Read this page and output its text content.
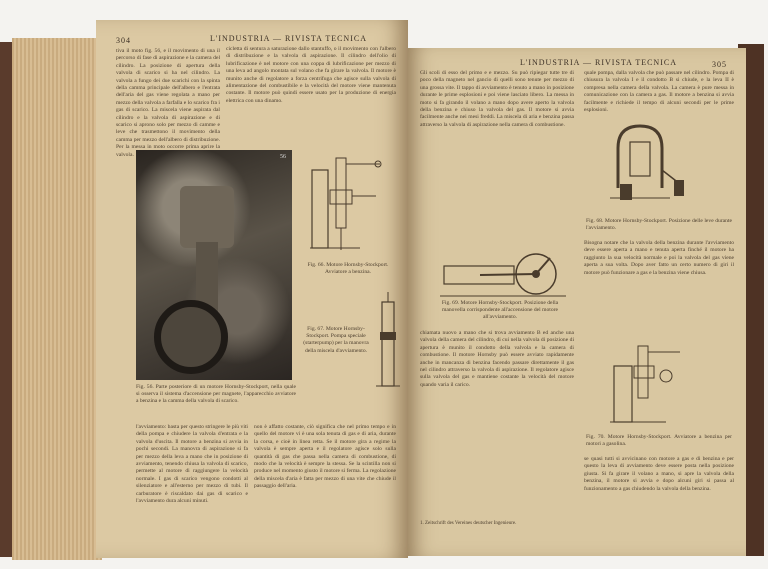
304	L'INDUSTRIA — RIVISTA TECNICA

tiva il moto fig. 56, e il movimento di una il percorso di fase di aspirazione e la camera del cilindro. La posizione di apertura della valvola di scarico si ha nel cilindro. La valvola a fungo dei due scarichi con la spinta della camma principale dell'albero e l'entrata dell'aria del gas viene regolata a mano per mezzo della valvola a farfalla e lo scarico fra i gas di scarico. La miscela viene aspirata dal cilindro e la valvola di aspirazione e di scarico si aprono solo per mezzo di camme e leve che trasmettono il movimento della camma per mezzo dell'albero di distribuzione. Per la messa in moto occorre prima aprire la valvola.

cicletta di sentura a saturazione dallo stantuffo, o il movimento con l'albero di distribuzione e la valvola di aspirazione. Il cilindro dell'olio di lubrificazione è nel motore con una coppa di lubrificazione per mezzo di una leva ad angolo montata sul volano che fa girare la valvola. Il motore è munito anche di regolatore a forza centrifuga che agisce sulla valvola di alimentazione del combustibile e la velocità del motore viene mantenuta costante. Il motore può quindi essere usato per la produzione di energia elettrica con una dinamo.

56
Fig. 56. Parte posteriore di un motore Hornsby-Stockport, nella quale si osserva il sistema d'accensione per magnete, l'apparecchio avviatore a benzina e la camma della valvola di scarico.
Fig. 66. Motore Hornsby-Stockport. Avviatore a benzina.
Fig. 67. Motore Hornsby-Stockport. Pompa speciale (starterpump) per la manovra della miscela d'avviamento.

l'avviamento: basta per questo stringere le più viti della pompa e chiudere la valvola d'entrata e la valvola d'uscita. Il motore a benzina si avvia in pochi secondi. La manovra di aspirazione si fa per mezzo della leva a mano che in posizione di avviamento, tenendo chiusa la valvola di scarico, permette al motore di raggiungere la velocità normale. I gas di scarico vengono condotti al silenziatore e all'esterno per mezzo di tubi. Il carburatore è riscaldato dai gas di scarico e l'avviamento dura alcuni minuti.

non è affatto costante, ciò significa che nel primo tempo e in quello del motore vi è una sola tenuta di gas e di aria, durante la corsa, e cioè in linea retta. Se il motore gira a regime la valvola è sempre aperta e il regolatore agisce solo sulla quantità di gas che passa nella camera di combustione, di modo che la velocità è sempre la stessa. Se la scintilla non si produce nel momento giusto il motore si ferma. La regolazione della miscela d'aria è fatta per mezzo di una vite che chiude il passaggio dell'aria.

L'INDUSTRIA — RIVISTA TECNICA	305

Gli scoli di esso del primo e e mezzo. Su può ripiegar tutte tre di poco della magneto nel gancio di quelli sono tenute per mezzo di una grossa vite. Il tappo di avviamento è tenuto a mano in posizione durante le prime esplosioni e poi viene lasciato libero. La messa in moto si fa girando il volano a mano dopo avere aperto la valvola della benzina e chiuso la valvola del gas. Il motore si avvia facilmente anche nei mesi freddi. La miscela di aria e benzina passa attraverso la valvola di aspirazione nella camera di combustione.

quale pompa, dalla valvola che può passare nel cilindro. Pompa di chiusura la valvola I e il condotto B si chiude, e la leva II è compresa nella camera della valvola. La camera è pure messa in comunicazione con la camera a gas. Il motore a benzina si avvia facilmente e richiede il tempo di alcuni secondi per le prime esplosioni.

Fig. 68. Motore Hornsby-Stockport. Posizione delle leve durante l'avviamento.
Fig. 69. Motore Hornsby-Stockport. Posizione della manovella corrispondente all'accensione del motore all'avviamento.

Bisogna notare che la valvola della benzina durante l'avviamento deve essere aperta a mano e tenuta aperta finché il motore ha raggiunto la sua velocità normale e poi la valvola del gas viene aperta a sua volta. Dopo aver fatto un certo numero di giri il motore può funzionare a gas e la benzina viene chiusa.

Fig. 70. Motore Hornsby-Stockport. Avviatore a benzina per motori a gasolina.

chiamata nuovo a mano che si trova avviamento B ed anche una valvola della camera del cilindro, di cui nella valvola di posizione di apertura è munito il condotto della valvola e la camera di combustione. Il motore Hornsby può essere avviato rapidamente anche in mancanza di benzina facendo passare direttamente il gas nel cilindro attraverso la valvola di aspirazione. Il regolatore agisce sulla valvola del gas e mantiene costante la velocità del motore quando varia il carico.

se quasi tutti si avvicinano con motore a gas e di benzina e per questo la leva di avviamento deve essere posta nella posizione giusta. Si fa girare il volano a mano, si apre la valvola della benzina, il motore si avvia e dopo alcuni giri si passa al funzionamento a gas chiudendo la valvola della benzina.

1. Zeitschrift des Vereines deutscher Ingenieure.
